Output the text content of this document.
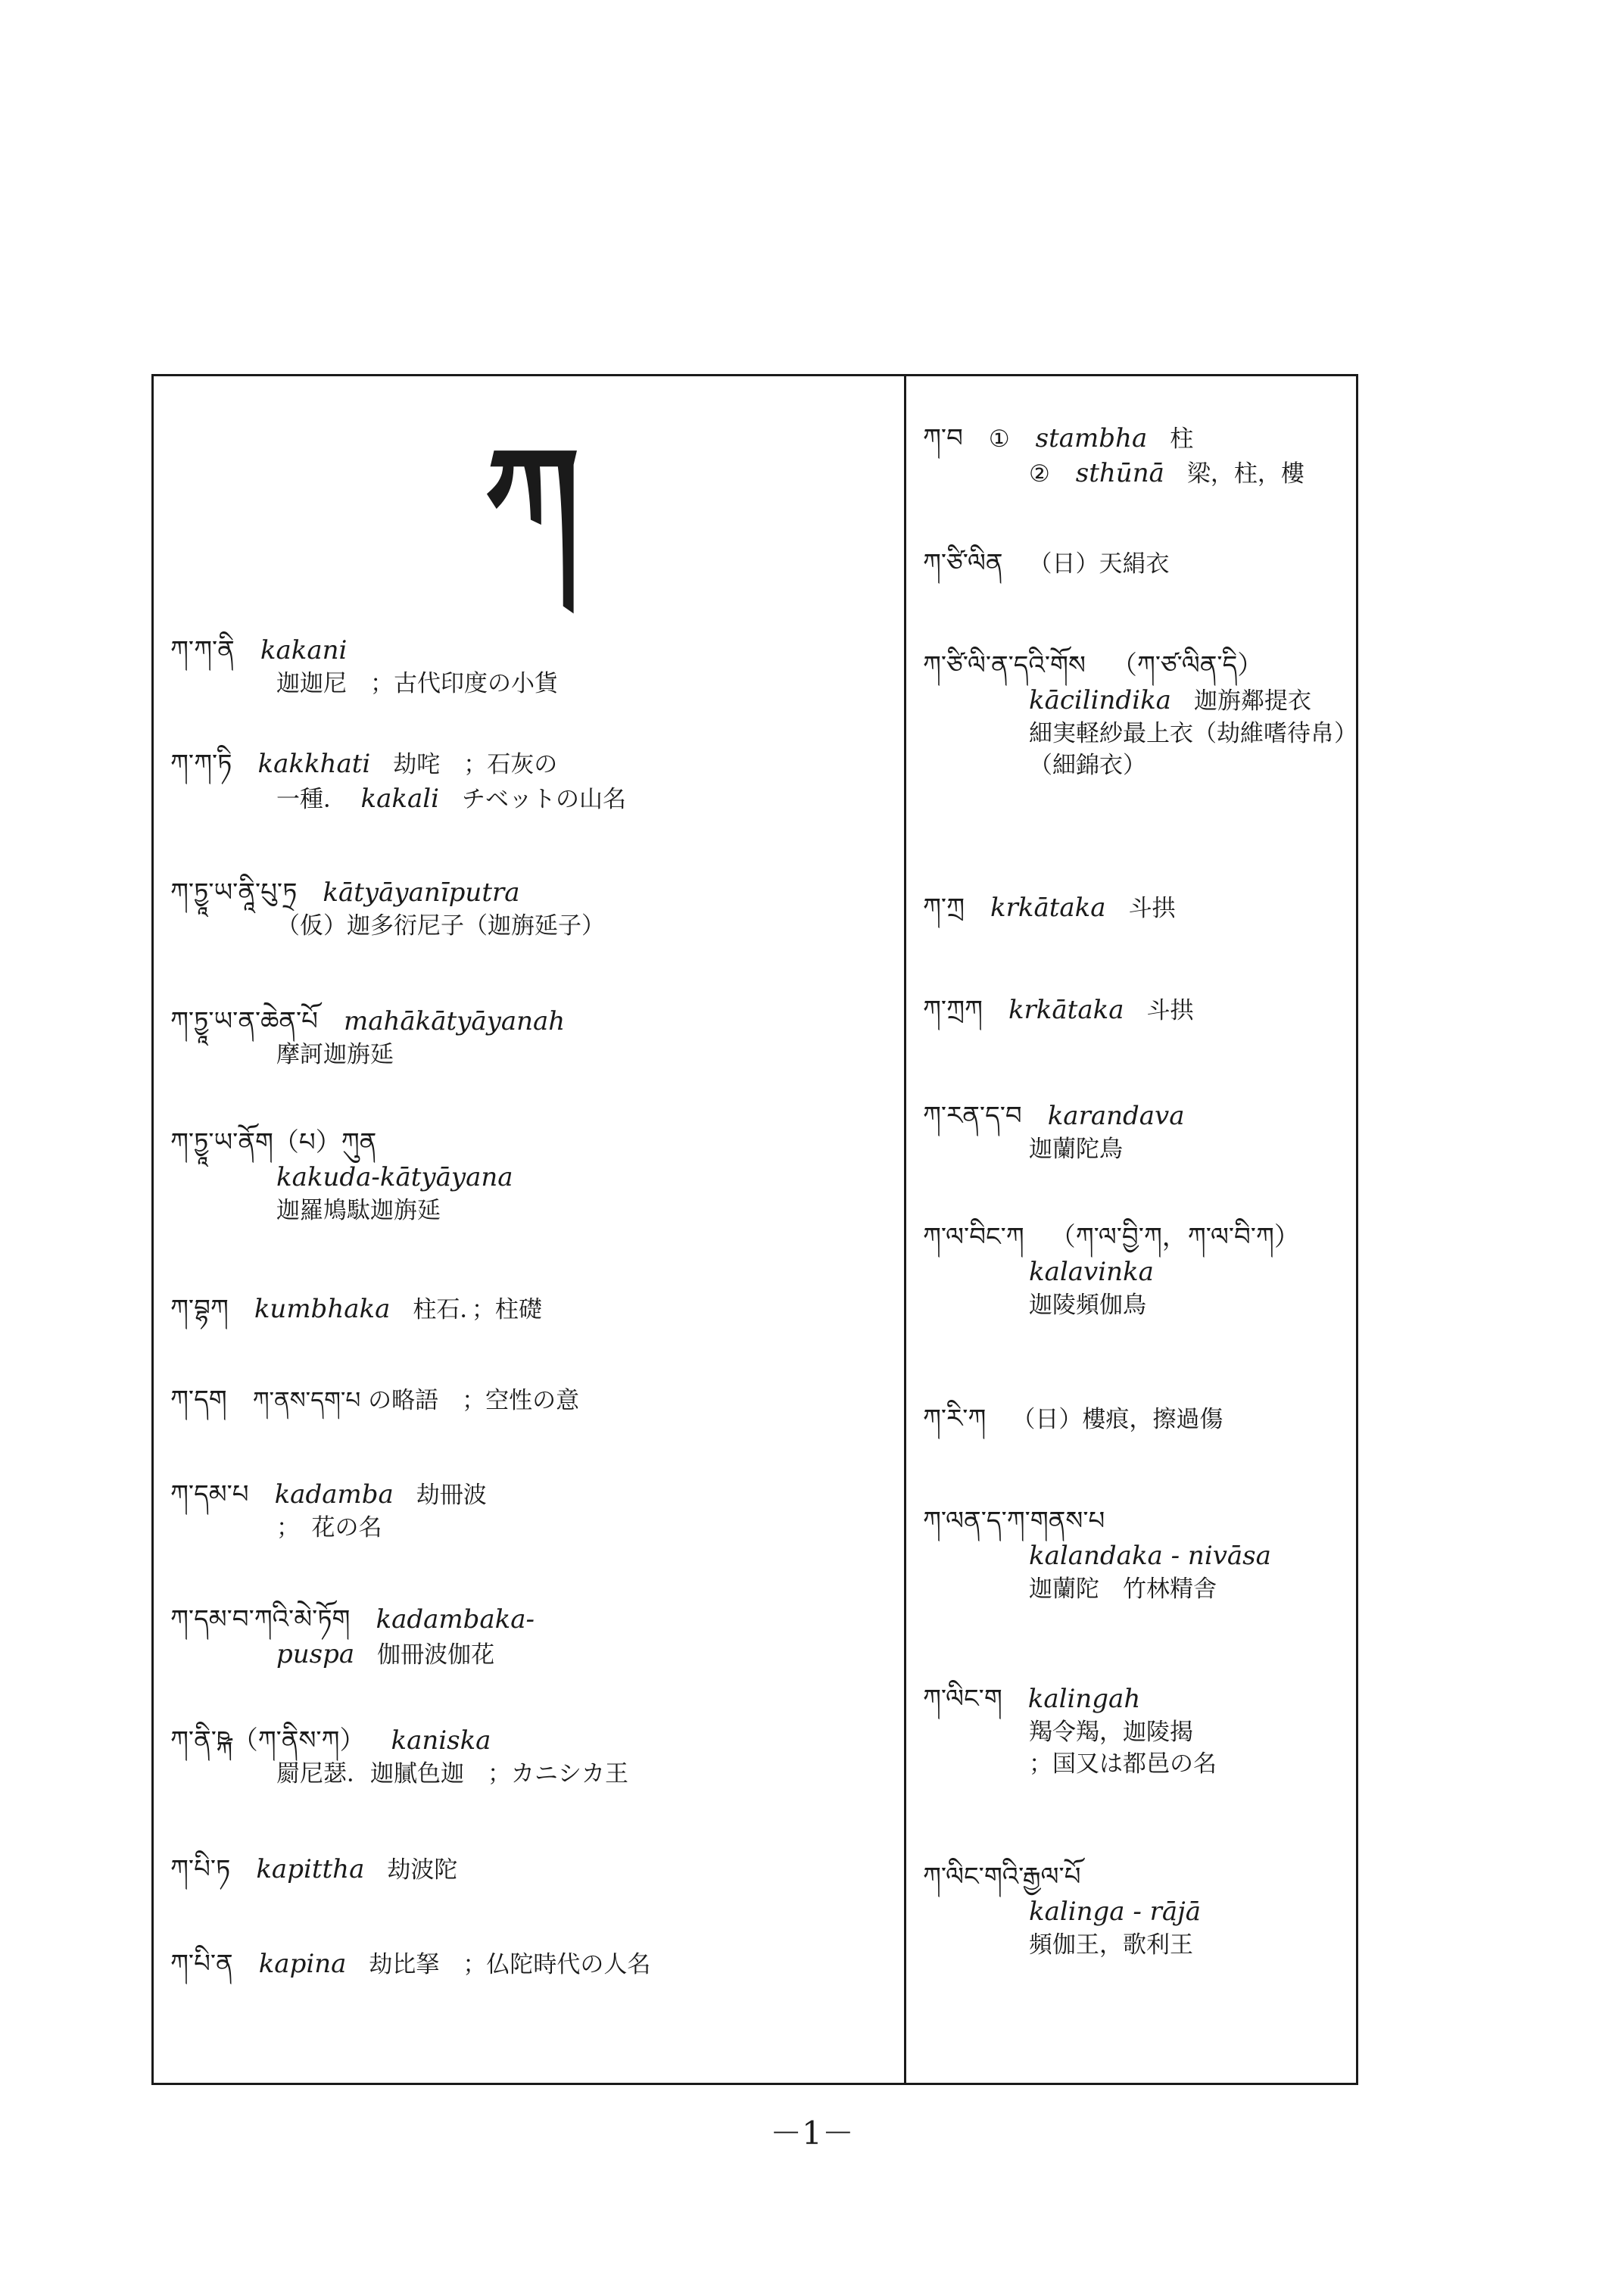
ཀ
ཀ་ཀ་ནི kakani
迦迦尼　；古代印度の小貨
ཀ་ཀ་ཏི kakkhati 劫咤　；石灰の
一種．　 kakali チベットの山名
ཀ་ཏྱཱ་ཡ་ནཱི་པུ་ཏྲ kātyāyanīputra
（仮）迦多衍尼子（迦旃延子）
ཀ་ཏྱཱ་ཡ་ན་ཆེན་པོ mahākātyāyanah
摩訶迦旃延
ཀ་ཏྱཱ་ཡ་ནོག（པ）ཀུན
kakuda-kātyāyana
迦羅鳩駄迦旃延
ཀ་བྷཀ kumbhaka 柱石．；柱礎
ཀ་དག ཀ་ནས་དག་པ の略語　；空性の意
ཀ་དམ་པ kadamba 劫冊波
；　花の名
ཀ་དམ་བ་ཀའི་མེ་ཏོག kadambaka-
puspa 伽冊波伽花
ཀ་ནི་ཥྐ（ཀ་ནིས་ཀ） kaniska
罽尼瑟．迦膩色迦　；カニシカ王
ཀ་པི་ཏ kapittha 劫波陀
ཀ་པི་ན kapina 劫比拏　；仏陀時代の人名
ཀ་བ ①　 stambha 柱
②　 sthūnā 梁，柱，樓
ཀ་ཙི་ལིན （日）天絹衣
ཀ་ཙི་ལི་ན་དའི་གོས （ཀ་ཙ་ལིན་དི）
kācilindika 迦旃鄰提衣
細実軽紗最上衣（劫維嗜待帛）
（細錦衣）
ཀ་ཀྲ krkātaka 斗拱
ཀ་ཀྲཀ krkātaka 斗拱
ཀ་རན་ད་བ karandava
迦蘭陀鳥
ཀ་ལ་བིང་ཀ （ཀ་ལ་བྱི་ཀ，ཀ་ལ་བི་ཀ）
kalavinka
迦陵頻伽鳥
ཀ་རི་ཀ （日）樓痕，擦過傷
ཀ་ལན་ད་ཀ་གནས་པ
kalandaka - nivāsa
迦蘭陀　竹林精舎
ཀ་ལིང་ག kalingah
羯令羯，迦陵揭
；国又は都邑の名
ཀ་ལིང་གའི་རྒྱལ་པོ
kalinga - rājā
頻伽王，歌利王
－1－
